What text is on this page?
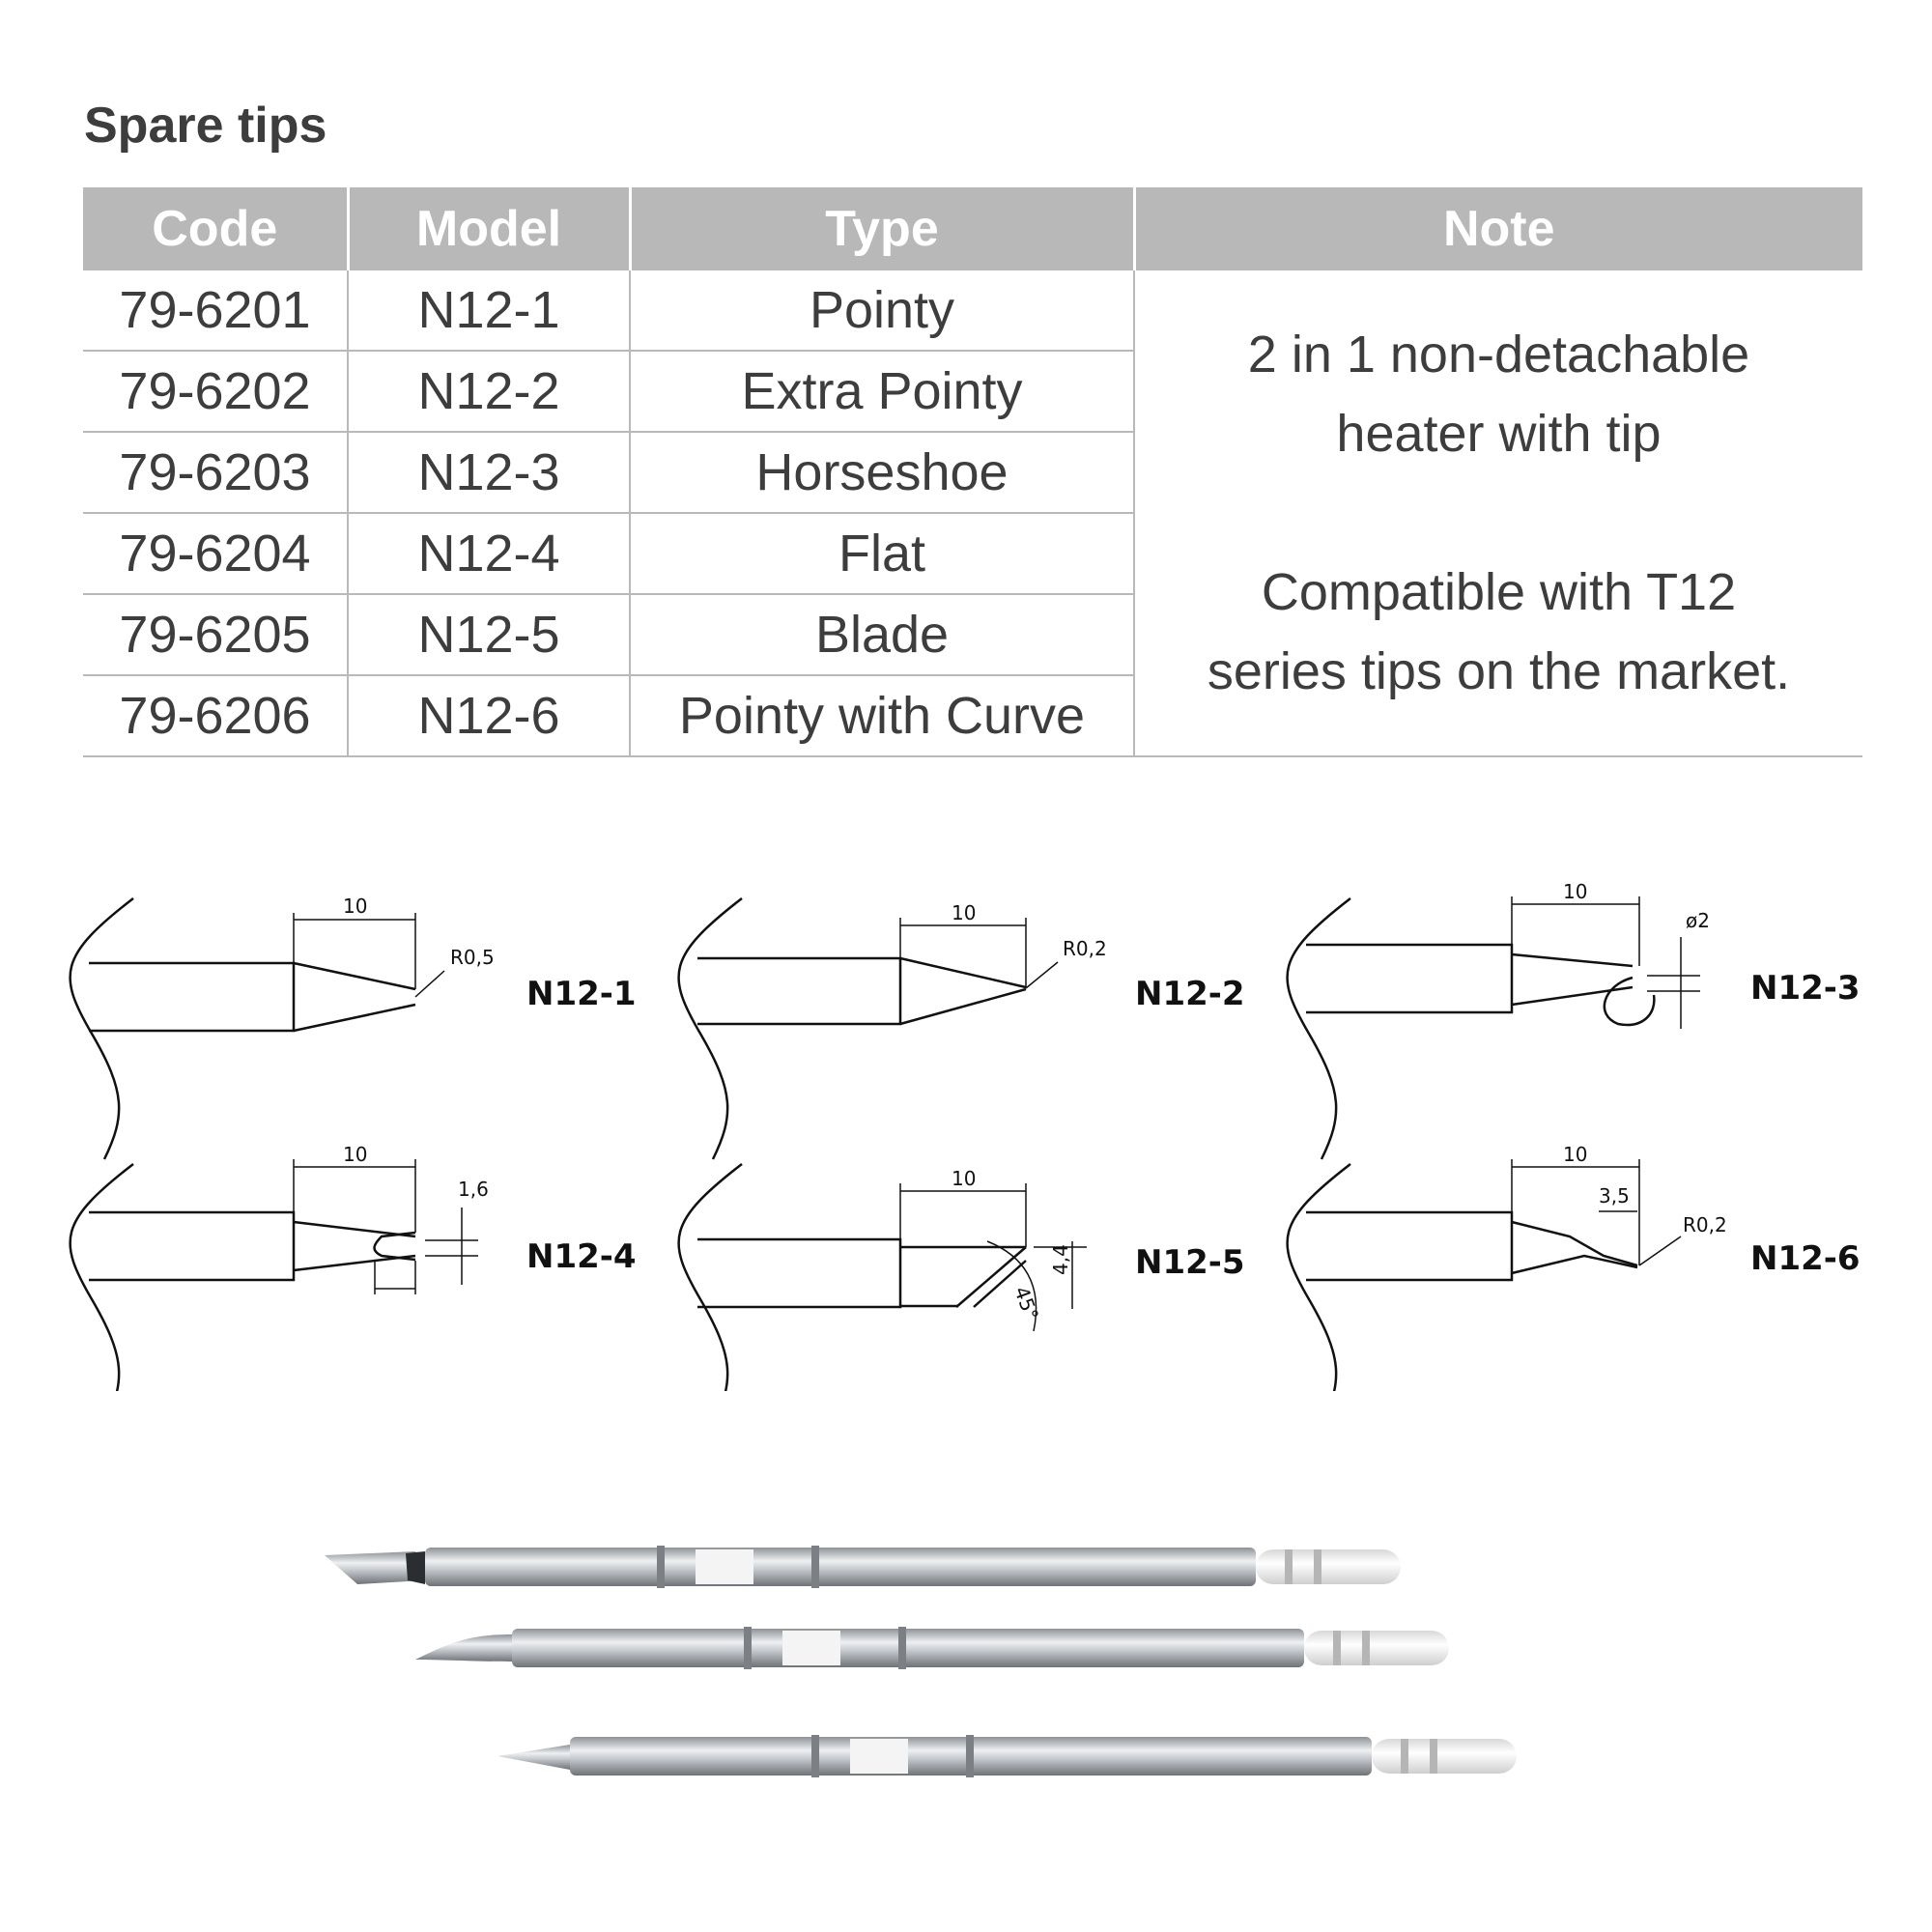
Spare tips
Code	Model	Type	Note
79-6201	N12-1	Pointy	2 in 1 non-detachable
heater with tip
Compatible with T12
series tips on the market.

79-6202	N12-2	Extra Pointy	
79-6203	N12-3	Horseshoe	
79-6204	N12-4	Flat	
79-6205	N12-5	Blade	
79-6206	N12-6	Pointy with Curve	
10
R0,5
N12-1
10
R0,2
N12-2
10
ø2
N12-3
10
1,6
N12-4
10
45°
4,4 N12-5
10
3,5
R0,2
N12-6
